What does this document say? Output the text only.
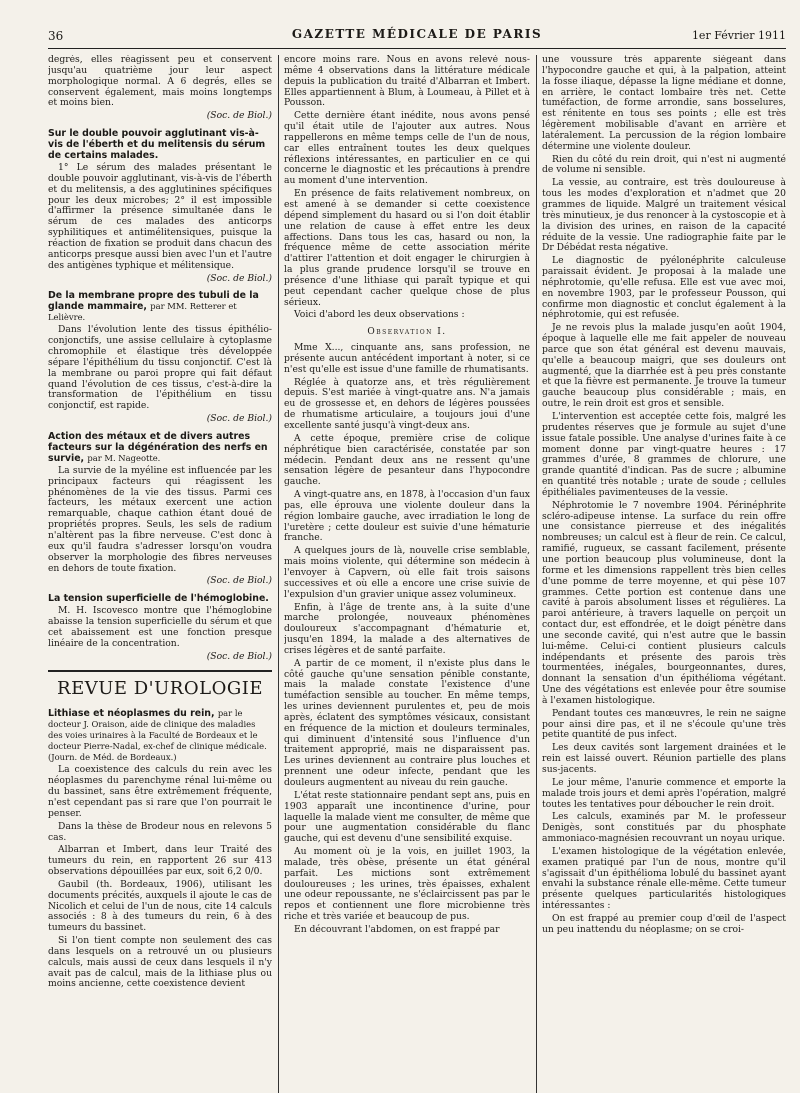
36	GAZETTE MÉDICALE DE PARIS	1er Février 1911

degrés, elles réagissent peu et conservent jusqu'au quatrième jour leur aspect morphologique normal. A 6 degrés, elles se conservent également, mais moins longtemps et moins bien.

(Soc. de Biol.)

Sur le double pouvoir agglutinant vis-à-vis de l'éberth et du melitensis du sérum de certains malades.

1° Le sérum des malades présentant le double pouvoir agglutinant, vis-à-vis de l'éberth et du melitensis, a des agglutinines spécifiques pour les deux microbes; 2° il est impossible d'affirmer la présence simultanée dans le sérum de ces malades des anticorps syphilitiques et antimélitensiques, puisque la réaction de fixation se produit dans chacun des anticorps presque aussi bien avec l'un et l'autre des antigènes typhique et mélitensique.

(Soc. de Biol.)

De la membrane propre des tubuli de la glande mammaire, par MM. Retterer et Lelièvre.

Dans l'évolution lente des tissus épithélio-conjonctifs, une assise cellulaire à cytoplasme chromophile et élastique très développée sépare l'épithélium du tissu conjonctif. C'est là la membrane ou paroi propre qui fait défaut quand l'évolution de ces tissus, c'est-à-dire la transformation de l'épithélium en tissu conjonctif, est rapide.

(Soc. de Biol.)

Action des métaux et de divers autres facteurs sur la dégénération des nerfs en survie, par M. Nageotte.

La survie de la myéline est influencée par les principaux facteurs qui réagissent les phénomènes de la vie des tissus. Parmi ces facteurs, les métaux exercent une action remarquable, chaque cathion étant doué de propriétés propres. Seuls, les sels de radium n'altèrent pas la fibre nerveuse. C'est donc à eux qu'il faudra s'adresser lorsqu'on voudra observer la morphologie des fibres nerveuses en dehors de toute fixation.

(Soc. de Biol.)

La tension superficielle de l'hémoglobine.

M. H. Iscovesco montre que l'hémoglobine abaisse la tension superficielle du sérum et que cet abaissement est une fonction presque linéaire de la concentration.

(Soc. de Biol.)

REVUE D'UROLOGIE
Lithiase et néoplasmes du rein, par le docteur J. Oraison, aide de clinique des maladies des voies urinaires à la Faculté de Bordeaux et le docteur Pierre-Nadal, ex-chef de clinique médicale. (Journ. de Méd. de Bordeaux.)

La coexistence des calculs du rein avec les néoplasmes du parenchyme rénal lui-même ou du bassinet, sans être extrêmement fréquente, n'est cependant pas si rare que l'on pourrait le penser.

Dans la thèse de Brodeur nous en relevons 5 cas.

Albarran et Imbert, dans leur Traité des tumeurs du rein, en rapportent 26 sur 413 observations dépouillées par eux, soit 6,2 0/0.

Gaubil (th. Bordeaux, 1906), utilisant les documents précités, auxquels il ajoute le cas de Nicolich et celui de l'un de nous, cite 14 calculs associés : 8 à des tumeurs du rein, 6 à des tumeurs du bassinet.

Si l'on tient compte non seulement des cas dans lesquels on a retrouvé un ou plusieurs calculs, mais aussi de ceux dans lesquels il n'y avait pas de calcul, mais de la lithiase plus ou moins ancienne, cette coexistence devient

encore moins rare. Nous en avons relevé nous-même 4 observations dans la littérature médicale depuis la publication du traité d'Albarran et Imbert. Elles appartiennent à Blum, à Loumeau, à Pillet et à Pousson.

Cette dernière étant inédite, nous avons pensé qu'il était utile de l'ajouter aux autres. Nous rappellerons en même temps celle de l'un de nous, car elles entraînent toutes les deux quelques réflexions intéressantes, en particulier en ce qui concerne le diagnostic et les précautions à prendre au moment d'une intervention.

En présence de faits relativement nombreux, on est amené à se demander si cette coexistence dépend simplement du hasard ou si l'on doit établir une relation de cause à effet entre les deux affections. Dans tous les cas, hasard ou non, la fréquence même de cette association mérite d'attirer l'attention et doit engager le chirurgien à la plus grande prudence lorsqu'il se trouve en présence d'une lithiase qui paraît typique et qui peut cependant cacher quelque chose de plus sérieux.

Voici d'abord les deux observations :

Observation I.

Mme X..., cinquante ans, sans profession, ne présente aucun antécédent important à noter, si ce n'est qu'elle est issue d'une famille de rhumatisants.

Réglée à quatorze ans, et très régulièrement depuis. S'est mariée à vingt-quatre ans. N'a jamais eu de grossesse et, en dehors de légères poussées de rhumatisme articulaire, a toujours joui d'une excellente santé jusqu'à vingt-deux ans.

A cette époque, première crise de colique néphrétique bien caractérisée, constatée par son médecin. Pendant deux ans ne ressent qu'une sensation légère de pesanteur dans l'hypocondre gauche.

A vingt-quatre ans, en 1878, à l'occasion d'un faux pas, elle éprouva une violente douleur dans la région lombaire gauche, avec irradiation le long de l'uretère ; cette douleur est suivie d'une hématurie franche.

A quelques jours de là, nouvelle crise semblable, mais moins violente, qui détermine son médecin à l'envoyer à Capvern, où elle fait trois saisons successives et où elle a encore une crise suivie de l'expulsion d'un gravier unique assez volumineux.

Enfin, à l'âge de trente ans, à la suite d'une marche prolongée, nouveaux phénomènes douloureux s'accompagnant d'hématurie et, jusqu'en 1894, la malade a des alternatives de crises légères et de santé parfaite.

A partir de ce moment, il n'existe plus dans le côté gauche qu'une sensation pénible constante, mais la malade constate l'existence d'une tuméfaction sensible au toucher. En même temps, les urines deviennent purulentes et, peu de mois après, éclatent des symptômes vésicaux, consistant en fréquence de la miction et douleurs terminales, qui diminuent d'intensité sous l'influence d'un traitement approprié, mais ne disparaissent pas. Les urines deviennent au contraire plus louches et prennent une odeur infecte, pendant que les douleurs augmentent au niveau du rein gauche.

L'état reste stationnaire pendant sept ans, puis en 1903 apparaît une incontinence d'urine, pour laquelle la malade vient me consulter, de même que pour une augmentation considérable du flanc gauche, qui est devenu d'une sensibilité exquise.

Au moment où je la vois, en juillet 1903, la malade, très obèse, présente un état général parfait. Les mictions sont extrêmement douloureuses ; les urines, très épaisses, exhalent une odeur repoussante, ne s'éclaircissent pas par le repos et contiennent une flore microbienne très riche et très variée et beaucoup de pus.

En découvrant l'abdomen, on est frappé par

une voussure très apparente siégeant dans l'hypocondre gauche et qui, à la palpation, atteint la fosse iliaque, dépasse la ligne médiane et donne, en arrière, le contact lombaire très net. Cette tuméfaction, de forme arrondie, sans bosselures, est rénitente en tous ses points ; elle est très légèrement mobilisable d'avant en arrière et latéralement. La percussion de la région lombaire détermine une violente douleur.

Rien du côté du rein droit, qui n'est ni augmenté de volume ni sensible.

La vessie, au contraire, est très douloureuse à tous les modes d'exploration et n'admet que 20 grammes de liquide. Malgré un traitement vésical très minutieux, je dus renoncer à la cystoscopie et à la division des urines, en raison de la capacité réduite de la vessie. Une radiographie faite par le Dr Débédat resta négative.

Le diagnostic de pyélonéphrite calculeuse paraissait évident. Je proposai à la malade une néphrotomie, qu'elle refusa. Elle est vue avec moi, en novembre 1903, par le professeur Pousson, qui confirme mon diagnostic et conclut également à la néphrotomie, qui est refusée.

Je ne revois plus la malade jusqu'en août 1904, époque à laquelle elle me fait appeler de nouveau parce que son état général est devenu mauvais, qu'elle a beaucoup maigri, que ses douleurs ont augmenté, que la diarrhée est à peu près constante et que la fièvre est permanente. Je trouve la tumeur gauche beaucoup plus considérable ; mais, en outre, le rein droit est gros et sensible.

L'intervention est acceptée cette fois, malgré les prudentes réserves que je formule au sujet d'une issue fatale possible. Une analyse d'urines faite à ce moment donne par vingt-quatre heures : 17 grammes d'urée, 8 grammes de chlorure, une grande quantité d'indican. Pas de sucre ; albumine en quantité très notable ; urate de soude ; cellules épithéliales pavimenteuses de la vessie.

Néphrotomie le 7 novembre 1904. Périnéphrite scléro-adipeuse intense. La surface du rein offre une consistance pierreuse et des inégalités nombreuses; un calcul est à fleur de rein. Ce calcul, ramifié, rugueux, se cassant facilement, présente une portion beaucoup plus volumineuse, dont la forme et les dimensions rappellent très bien celles d'une pomme de terre moyenne, et qui pèse 107 grammes. Cette portion est contenue dans une cavité à parois absolument lisses et régulières. La paroi antérieure, à travers laquelle on perçoit un contact dur, est effondrée, et le doigt pénètre dans une seconde cavité, qui n'est autre que le bassin lui-même. Celui-ci contient plusieurs calculs indépendants et présente des parois très tourmentées, inégales, bourgeonnantes, dures, donnant la sensation d'un épithélioma végétant. Une des végétations est enlevée pour être soumise à l'examen histologique.

Pendant toutes ces manœuvres, le rein ne saigne pour ainsi dire pas, et il ne s'écoule qu'une très petite quantité de pus infect.

Les deux cavités sont largement drainées et le rein est laissé ouvert. Réunion partielle des plans sus-jacents.

Le jour même, l'anurie commence et emporte la malade trois jours et demi après l'opération, malgré toutes les tentatives pour déboucher le rein droit.

Les calculs, examinés par M. le professeur Denigès, sont constitués par du phosphate ammoniaco-magnésien recouvrant un noyau urique.

L'examen histologique de la végétation enlevée, examen pratiqué par l'un de nous, montre qu'il s'agissait d'un épithélioma lobulé du bassinet ayant envahi la substance rénale elle-même. Cette tumeur présente quelques particularités histologiques intéressantes :

On est frappé au premier coup d'œil de l'aspect un peu inattendu du néoplasme; on se croi-
